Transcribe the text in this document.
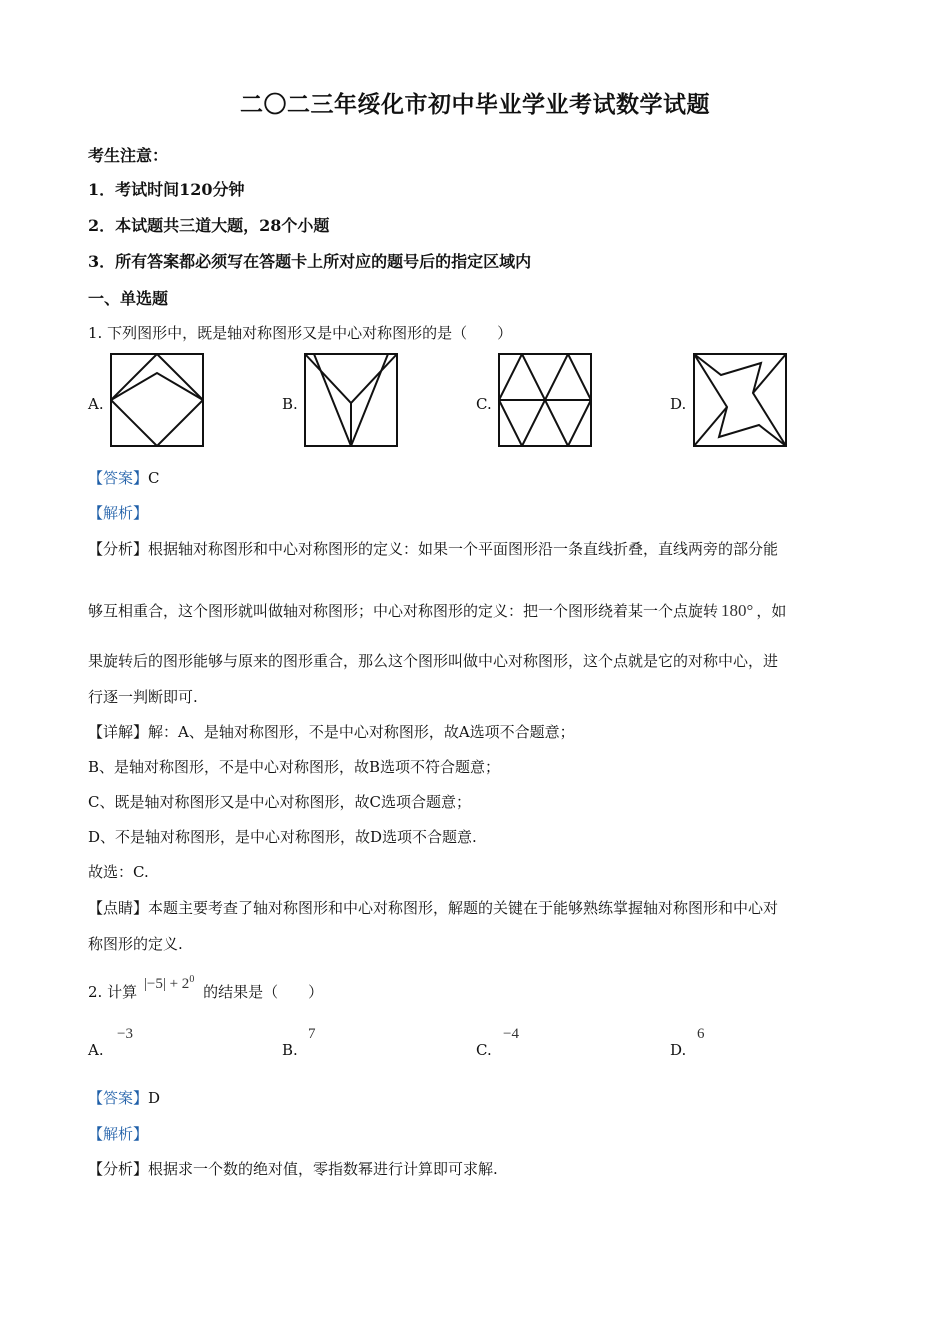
二〇二三年绥化市初中毕业学业考试数学试题
考生注意：
1．考试时间120分钟
2．本试题共三道大题，28个小题
3．所有答案都必须写在答题卡上所对应的题号后的指定区域内
一、单选题
1. 下列图形中，既是轴对称图形又是中心对称图形的是（　　）
A.	B.	C.	D.
【答案】C
【解析】
【分析】根据轴对称图形和中心对称图形的定义：如果一个平面图形沿一条直线折叠，直线两旁的部分能
够互相重合，这个图形就叫做轴对称图形；中心对称图形的定义：把一个图形绕着某一个点旋转 180° ，如
果旋转后的图形能够与原来的图形重合，那么这个图形叫做中心对称图形，这个点就是它的对称中心，进
行逐一判断即可.
【详解】解：A、是轴对称图形，不是中心对称图形，故A选项不合题意；
B、是轴对称图形，不是中心对称图形，故B选项不符合题意；
C、既是轴对称图形又是中心对称图形，故C选项合题意；
D、不是轴对称图形，是中心对称图形，故D选项不合题意.
故选：C.
【点睛】本题主要考查了轴对称图形和中心对称图形，解题的关键在于能够熟练掌握轴对称图形和中心对
称图形的定义.
2. 计算 $|-5| + 2^0$ 的结果是（　　）
A.
−3
B.
7
C.
−4
D.
6
【答案】D
【解析】
【分析】根据求一个数的绝对值，零指数幂进行计算即可求解.
